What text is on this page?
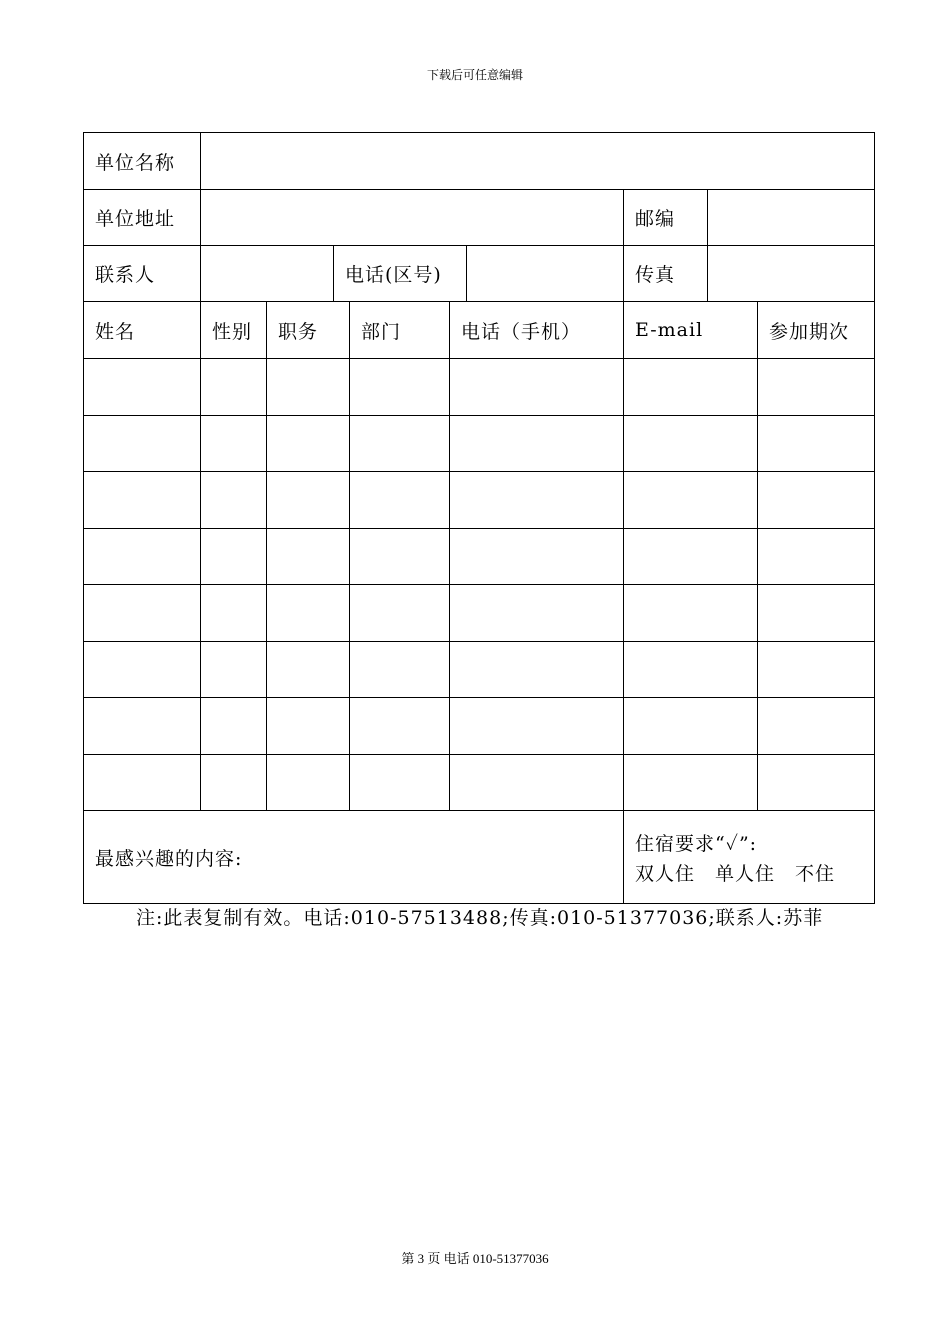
下载后可任意编辑
单位名称
单位地址	邮编
联系人	电话(区号)	传真
姓名	性别	职务	部门	电话（手机）	E-mail	参加期次
最感兴趣的内容:
住宿要求“✓”:
双人住　单人住　不住
注:此表复制有效。电话:010-57513488;传真:010-51377036;联系人:苏菲
第 3 页 电话 010-51377036
